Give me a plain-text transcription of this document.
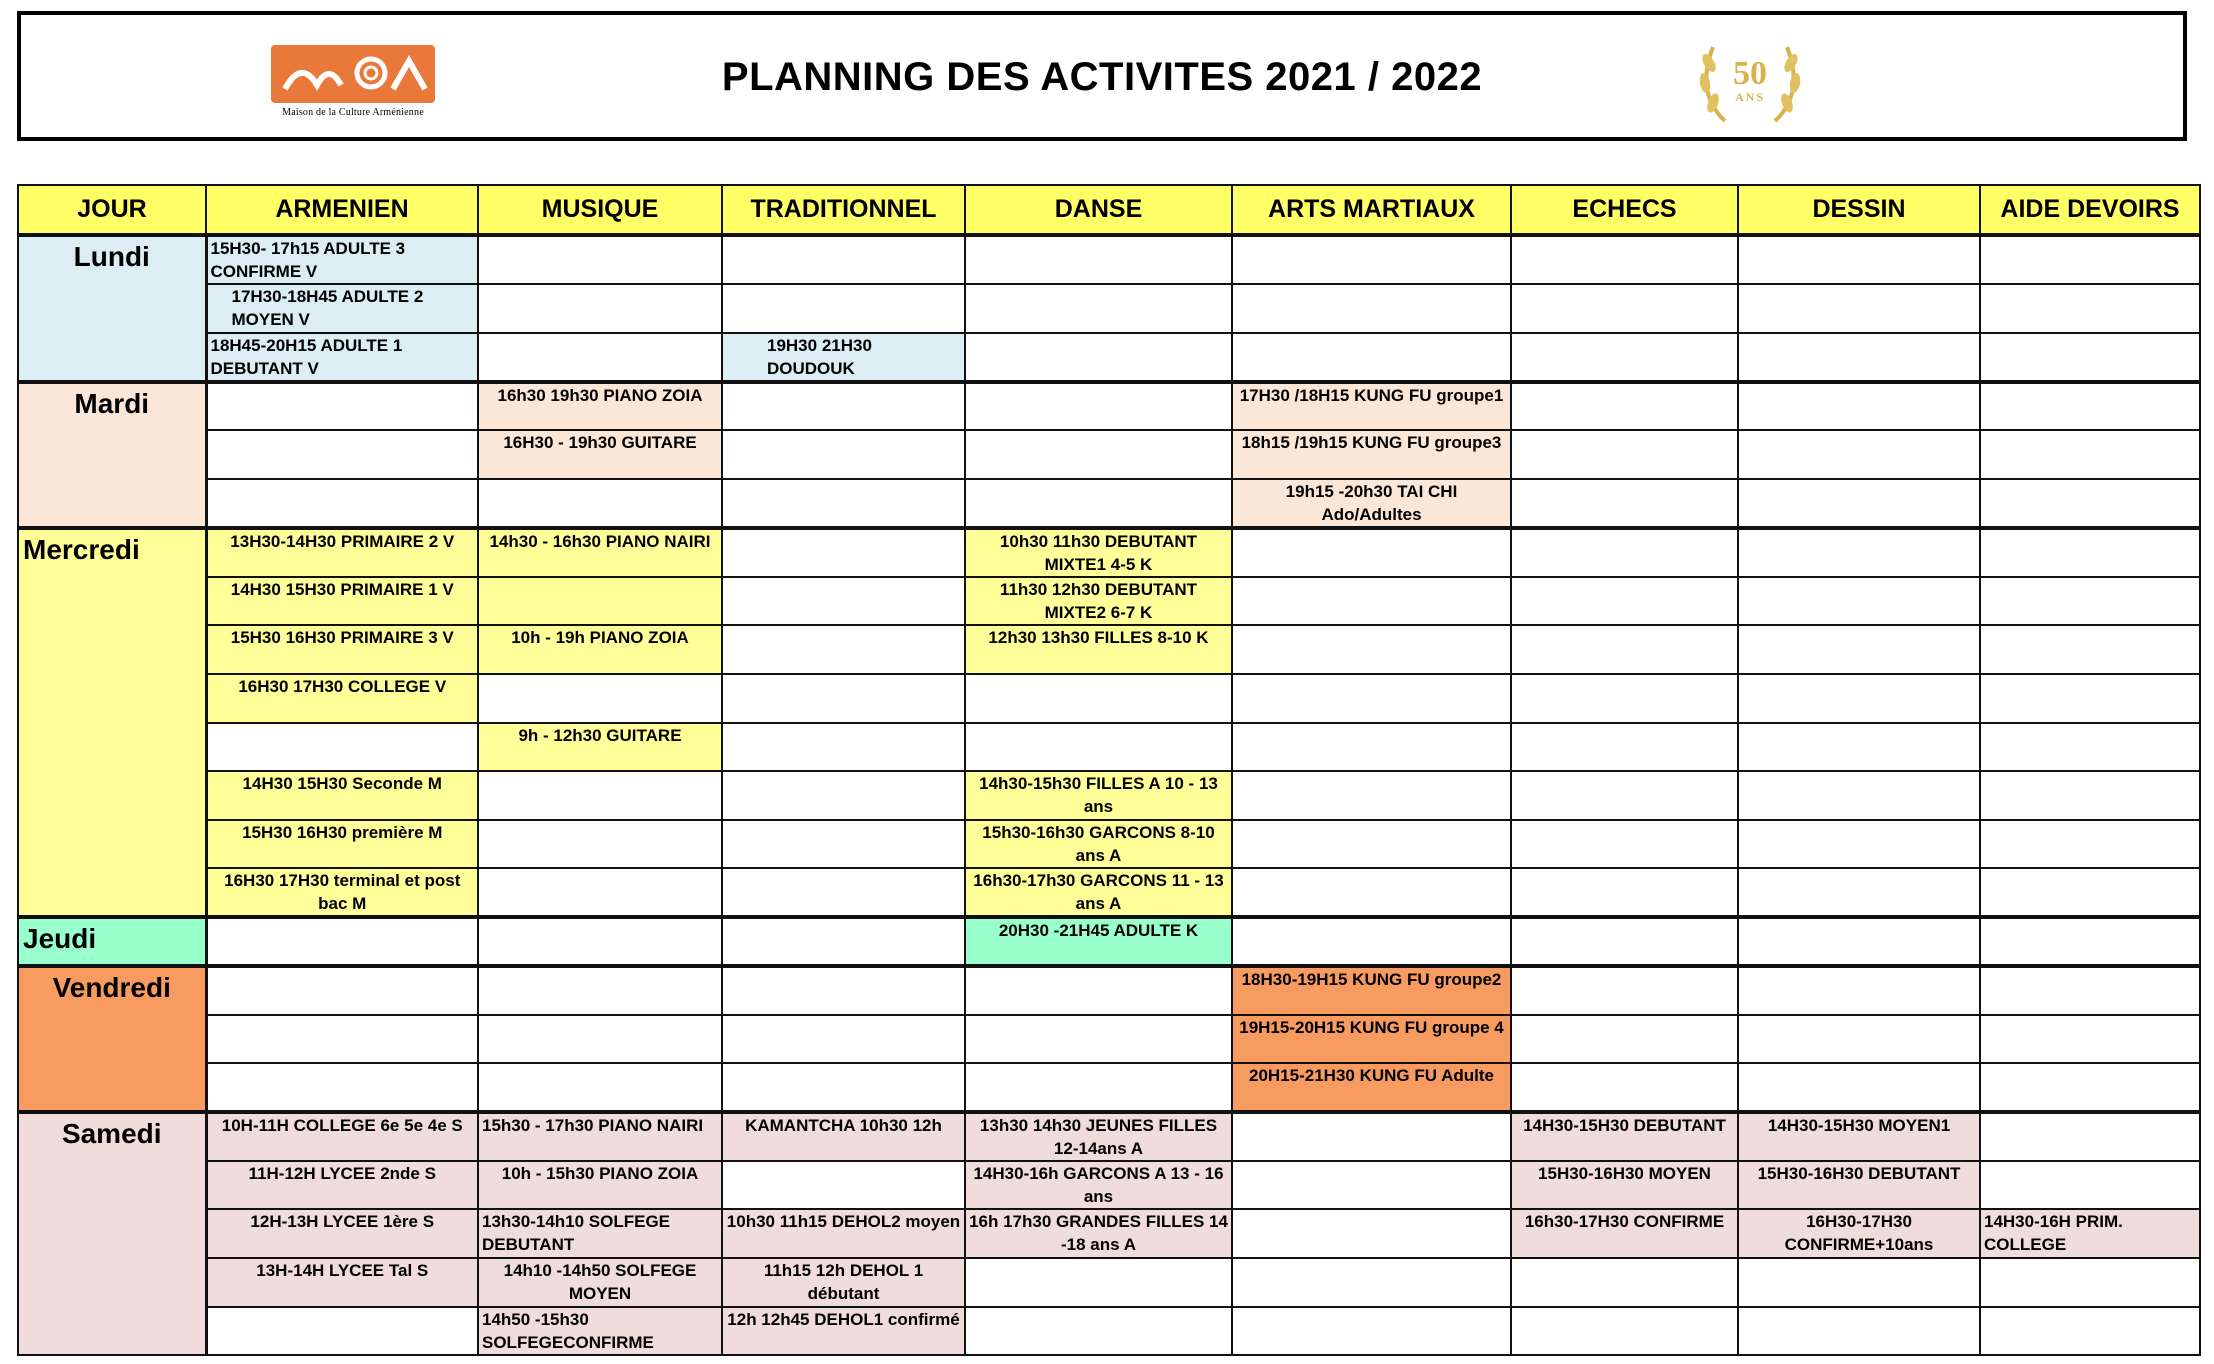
Maison de la Culture Arménienne
PLANNING DES ACTIVITES 2021 / 2022	50
ANS
JOUR	ARMENIEN	MUSIQUE	TRADITIONNEL	DANSE	ARTS MARTIAUX	ECHECS	DESSIN	AIDE DEVOIRS
Lundi	15H30- 17h15 ADULTE 3 CONFIRME V							
	17H30-18H45 ADULTE 2 MOYEN V							
	18H45-20H15 ADULTE 1 DEBUTANT V		19H30 21H30 DOUDOUK					
Mardi		16h30 19h30 PIANO ZOIA			17H30 /18H15 KUNG FU groupe1			
		16H30 - 19h30 GUITARE			18h15 /19h15 KUNG FU groupe3			
					19h15 -20h30 TAI CHI Ado/Adultes			
Mercredi	13H30-14H30 PRIMAIRE 2 V	14h30 - 16h30 PIANO NAIRI		10h30 11h30 DEBUTANT MIXTE1 4-5 K				
	14H30 15H30 PRIMAIRE 1 V			11h30 12h30 DEBUTANT MIXTE2 6-7 K				
	15H30 16H30 PRIMAIRE 3 V	10h - 19h PIANO ZOIA		12h30 13h30 FILLES 8-10 K				
	16H30 17H30 COLLEGE V							
		9h - 12h30 GUITARE						
	14H30 15H30 Seconde M			14h30-15h30 FILLES A 10 - 13 ans				
	15H30 16H30 première M			15h30-16h30 GARCONS 8-10 ans A				
	16H30 17H30 terminal et post bac M			16h30-17h30 GARCONS 11 - 13 ans A				
Jeudi				20H30 -21H45 ADULTE K				
Vendredi					18H30-19H15 KUNG FU groupe2			
					19H15-20H15 KUNG FU groupe 4			
					20H15-21H30 KUNG FU Adulte			
Samedi	10H-11H COLLEGE 6e 5e 4e S	15h30 - 17h30 PIANO NAIRI	KAMANTCHA 10h30 12h	13h30 14h30 JEUNES FILLES 12-14ans A		14H30-15H30 DEBUTANT	14H30-15H30 MOYEN1	
	11H-12H LYCEE 2nde S	10h - 15h30 PIANO ZOIA		14H30-16h GARCONS A 13 - 16 ans		15H30-16H30 MOYEN	15H30-16H30 DEBUTANT	
	12H-13H LYCEE 1ère S	13h30-14h10 SOLFEGE DEBUTANT	10h30 11h15 DEHOL2 moyen	16h 17h30 GRANDES FILLES 14 -18 ans A		16h30-17H30 CONFIRME	16H30-17H30 CONFIRME+10ans	14H30-16H PRIM. COLLEGE
	13H-14H LYCEE Tal S	14h10 -14h50 SOLFEGE MOYEN	11h15 12h DEHOL 1 débutant					
		14h50 -15h30 SOLFEGECONFIRME	12h 12h45 DEHOL1 confirmé					
